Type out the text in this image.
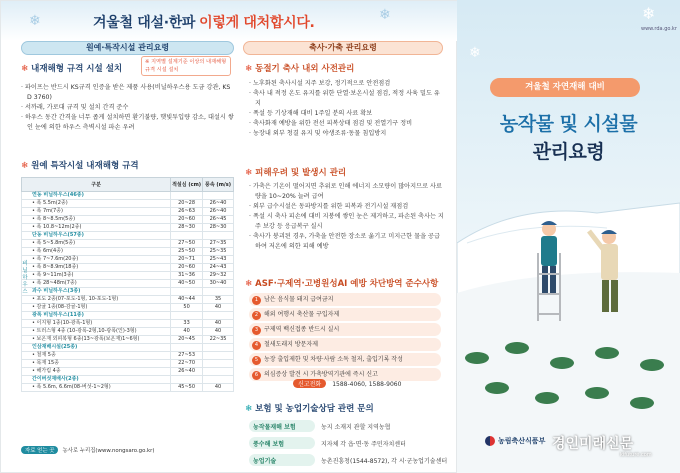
❄	❄
겨울철 대설·한파 이렇게 대처합시다.
원예·특작시설 관리요령
❄ 내재해형 규격 시설 설치
※ 지역별 설계기준 이상의 내재해형 규격 시설 설치
· 파이프는 반드시 KS규격 인증을 받은 제품 사용(비닐하우스용 도금 강관, KS D 3760)
· 서까래, 가로대 규격 및 설치 간격 준수
· 하우스 동간 간격을 너무 좁게 설치하면 환기불량, 햇빛투입량 감소, 대설시 쌓인 눈에 의한 하우스 측벽시설 파손 우려
❄ 원예 특작시설 내재해형 규격
구분	적설심 (cm)	풍속 (m/s)
연동 비닐하우스(46종)		
• 폭 5.5m(2종)	20~28	26~40
• 폭 7m(7종)	26~63	26~40
• 폭 8~8.5m(5종)	20~60	26~45
• 폭 10.8~12m(2종)	28~30	28~30
단동 비닐하우스(57종)		
• 폭 5~5.8m(5종)	27~50	27~35
• 폭 6m(4종)	25~50	25~35
• 폭 7~7.6m(20종)	20~71	25~43
• 폭 8~8.9m(18종)	20~60	24~43
• 폭 9~11m(3종)	31~36	29~32
• 폭 28~48m(7종)	40~50	30~40
과수 비닐하우스(3종)		
• 포도 2종(07-포도-1형, 10-포도-1형)	40~44	35
• 감귤 1종(08-감귤-1형)	50	40
광폭 비닐하우스(11종)		
• 이지형 1종(10-광폭-1형)	33	40
• 트러스형 4종 (10-광폭-2형,10-광폭(인)-3형)	40	40
• 보온재 외피복형 6종(13~광폭(보온재)1~6형)	20~45	22~35
인삼재배시설(25종)		
• 철재 5종	27~53	
• 목재 15종	22~70	
• 해가림 4종	26~40	
간이버섯재배사(2종)		
• 폭 5.6m, 6.6m(08-버섯-1~2형)	45~50	40
비닐하우스
자료 얻는 곳 농사로 누리집(www.nongsaro.go.kr)
축사·가축 관리요령
❄ 동절기 축사 내외 사전관리
· 노후화된 축사시설 지주 보강, 정기적으로 안전점검
· 축사 내 적정 온도 유지를 위한 단열·보온시설 점검, 적정 사육 밀도 유지
· 폭설 등 기상재해 대비 1주일 분의 사료 확보
· 축사화재 예방을 위한 전선 피복상태 점검 및 전열기구 정비
· 농장내 외부 청결 유지 및 야생조류·동물 침입방지
❄ 피해우려 및 발생시 관리
· 가축은 기온이 떨어지면 추위로 인해 에너지 소모량이 많아지므로 사료량을 10~20% 늘려 급여
· 외부 급수시설은 동파방지를 위한 피복과 전기시설 재점검
· 폭설 시 축사 피손에 대비 지붕에 쌓인 눈은 제거하고, 파손된 축사는 지주 보강 등 응급복구 실시
· 축사가 붕괴된 경우, 가축을 안전한 장소로 옮기고 미지근한 물을 공급하여 저온에 의한 피해 예방
❄ ASF·구제역·고병원성AI 예방 차단방역 준수사항
1 남은 음식물 돼지 급여금지
2 해외 여행시 축산물 구입자제
3 구제역 백신접종 반드시 실시
4 철새도래지 방문자제
5 농장 출입제한 및 차량·사람 소독 철저, 출입기록 작성
6 의심증상 발견 시 가축방역기관에 즉시 신고
신고전화 1588-4060, 1588-9060
❄ 보험 및 농업기술상담 관련 문의
농작물재해 보험	농지 소재지 관할 지역농협
풍수해 보험	지자체 각 읍·면·동 주민자치센터
농업기술	농촌진흥청(1544-8572), 각 시·군농업기술센터
www.rda.go.kr
❄
❄
겨울철 자연재해 대비
농작물 및 시설물
관리요령
농림축산식품부 경인미래신문
kifuture.com
